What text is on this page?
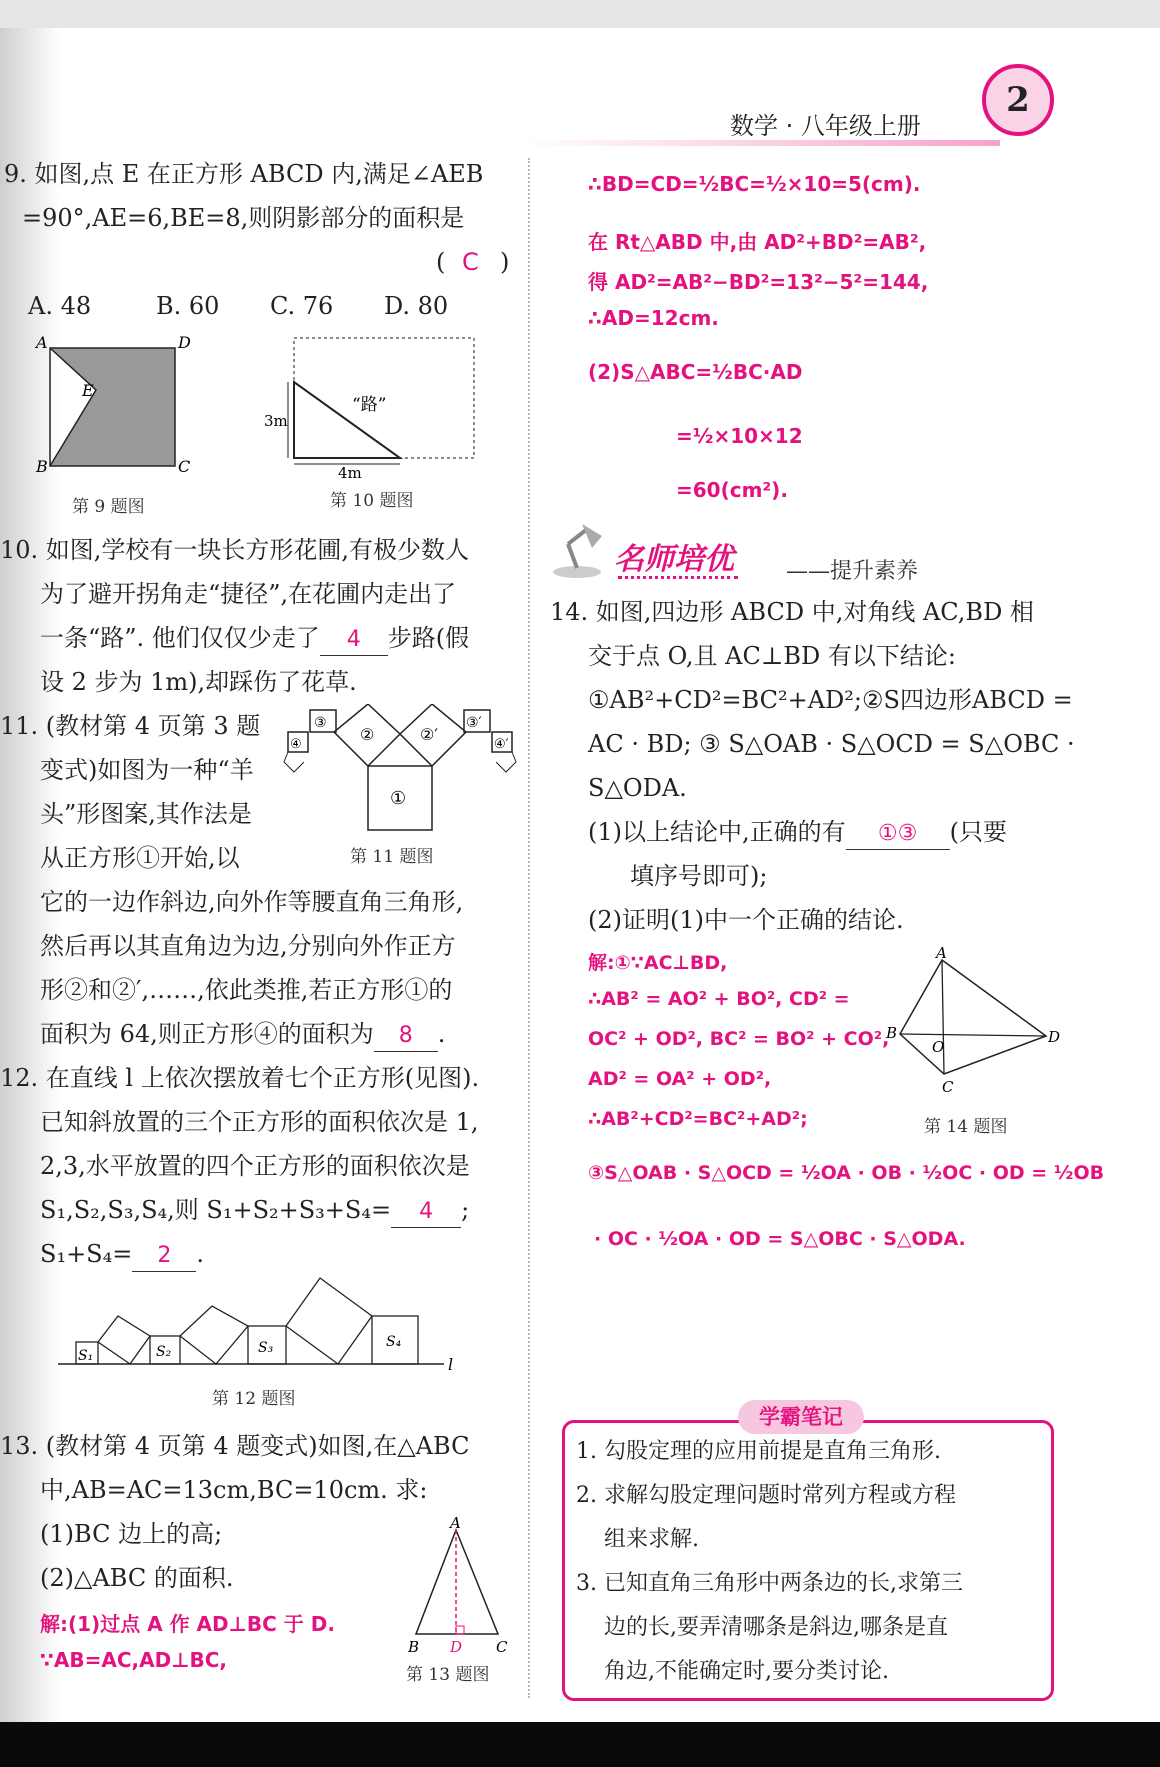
数学 · 八年级上册
2
9. 如图,点 E 在正方形 ABCD 内,满足∠AEB
=90°,AE=6,BE=8,则阴影部分的面积是
( C )
A. 48	B. 60 C. 76 D. 80
A	D
B	C
E
第 9 题图
3m
4m
“路”
第 10 题图
10. 如图,学校有一块长方形花圃,有极少数人
为了避开拐角走“捷径”,在花圃内走出了
一条“路”. 他们仅仅少走了 4 步路(假
设 2 步为 1m),却踩伤了花草.
11. (教材第 4 页第 3 题
变式)如图为一种“羊
头”形图案,其作法是
从正方形①开始,以
①
②	②′
③	③′
④	④′
第 11 题图
它的一边作斜边,向外作等腰直角三角形,
然后再以其直角边为边,分别向外作正方
形②和②′,……,依此类推,若正方形①的
面积为 64,则正方形④的面积为 8 .
12. 在直线 l 上依次摆放着七个正方形(见图).
已知斜放置的三个正方形的面积依次是 1,
2,3,水平放置的四个正方形的面积依次是
S₁,S₂,S₃,S₄,则 S₁+S₂+S₃+S₄= 4 ;
S₁+S₄= 2 .
S₁	S₂	S₃	S₄
l
第 12 题图
13. (教材第 4 页第 4 题变式)如图,在△ABC
中,AB=AC=13cm,BC=10cm. 求:
(1)BC 边上的高;
(2)△ABC 的面积.
解:(1)过点 A 作 AD⊥BC 于 D.
∵AB=AC,AD⊥BC,
A
B D C
第 13 题图
∴BD=CD=½BC=½×10=5(cm).
在 Rt△ABD 中,由 AD²+BD²=AB²,
得 AD²=AB²−BD²=13²−5²=144,
∴AD=12cm.
(2)S△ABC=½BC·AD
=½×10×12
=60(cm²).
名师培优 ——提升素养
14. 如图,四边形 ABCD 中,对角线 AC,BD 相
交于点 O,且 AC⊥BD 有以下结论:
①AB²+CD²=BC²+AD²;②S四边形ABCD =
AC · BD; ③ S△OAB · S△OCD = S△OBC ·
S△ODA.
(1)以上结论中,正确的有 ①③ (只要
填序号即可);
(2)证明(1)中一个正确的结论.
解:①∵AC⊥BD,
∴AB² = AO² + BO², CD² =
OC² + OD², BC² = BO² + CO²,
AD² = OA² + OD²,
∴AB²+CD²=BC²+AD²;
③S△OAB · S△OCD = ½OA · OB · ½OC · OD = ½OB
· OC · ½OA · OD = S△OBC · S△ODA.
A
B
C
D
O
第 14 题图
学霸笔记
1. 勾股定理的应用前提是直角三角形.
2. 求解勾股定理问题时常列方程或方程
组来求解.
3. 已知直角三角形中两条边的长,求第三
边的长,要弄清哪条是斜边,哪条是直
角边,不能确定时,要分类讨论.
